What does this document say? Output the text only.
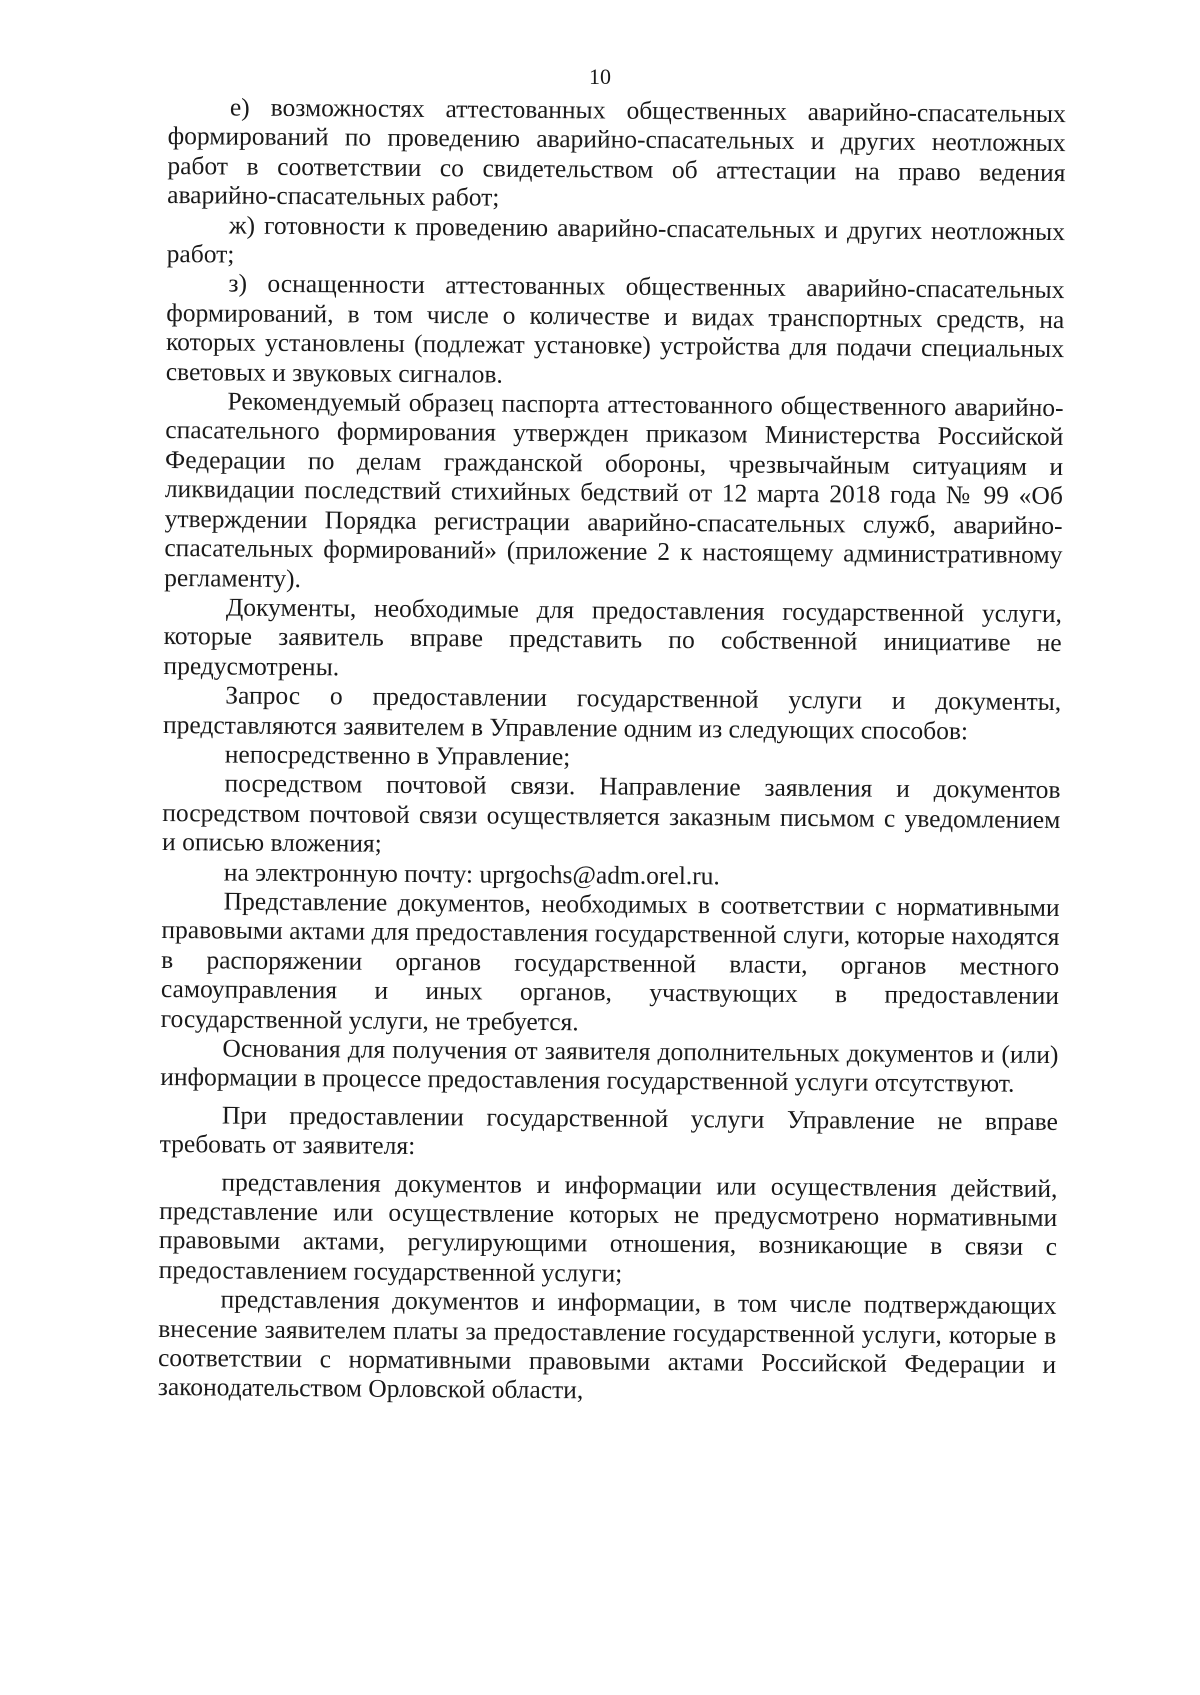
10

е) возможностях аттестованных общественных аварийно-спасательных формирований по проведению аварийно-спасательных и других неотложных работ в соответствии со свидетельством об аттестации на право ведения аварийно-спасательных работ;

ж) готовности к проведению аварийно-спасательных и других неотложных работ;

з) оснащенности аттестованных общественных аварийно-спасательных формирований, в том числе о количестве и видах транспортных средств, на которых установлены (подлежат установке) устройства для подачи специальных световых и звуковых сигналов.

Рекомендуемый образец паспорта аттестованного общественного аварийно-спасательного формирования утвержден приказом Министерства Российской Федерации по делам гражданской обороны, чрезвычайным ситуациям и ликвидации последствий стихийных бедствий от 12 марта 2018 года № 99 «Об утверждении Порядка регистрации аварийно-спасательных служб, аварийно-спасательных формирований» (приложение 2 к настоящему административному регламенту).

Документы, необходимые для предоставления государственной услуги, которые заявитель вправе представить по собственной инициативе не предусмотрены.

Запрос о предоставлении государственной услуги и документы, представляются заявителем в Управление одним из следующих способов:

непосредственно в Управление;

посредством почтовой связи. Направление заявления и документов посредством почтовой связи осуществляется заказным письмом с уведомлением и описью вложения;

на электронную почту: uprgochs@adm.orel.ru.

Представление документов, необходимых в соответствии с нормативными правовыми актами для предоставления государственной слуги, которые находятся в распоряжении органов государственной власти, органов местного самоуправления и иных органов, участвующих в предоставлении государственной услуги, не требуется.

Основания для получения от заявителя дополнительных документов и (или) информации в процессе предоставления государственной услуги отсутствуют.

При предоставлении государственной услуги Управление не вправе требовать от заявителя:

представления документов и информации или осуществления действий, представление или осуществление которых не предусмотрено нормативными правовыми актами, регулирующими отношения, возникающие в связи с предоставлением государственной услуги;

представления документов и информации, в том числе подтверждающих внесение заявителем платы за предоставление государственной услуги, которые в соответствии с нормативными правовыми актами Российской Федерации и законодательством Орловской области,
